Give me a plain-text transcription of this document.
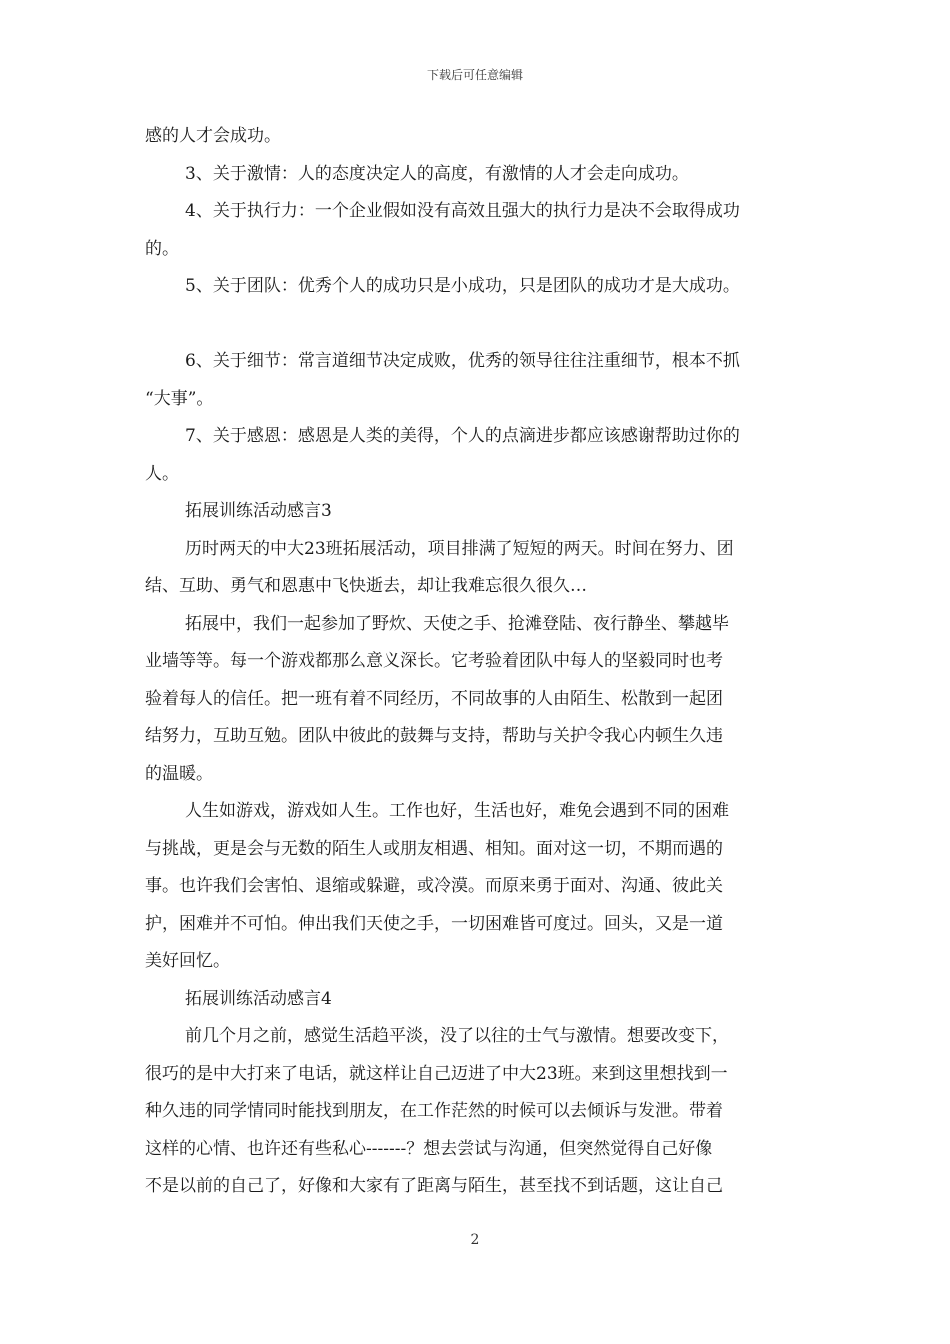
下载后可任意编辑
感的人才会成功。
3、关于激情：人的态度决定人的高度，有激情的人才会走向成功。
4、关于执行力：一个企业假如没有高效且强大的执行力是决不会取得成功
的。
5、关于团队：优秀个人的成功只是小成功，只是团队的成功才是大成功。
6、关于细节：常言道细节决定成败，优秀的领导往往注重细节，根本不抓
“大事”。
7、关于感恩：感恩是人类的美得，个人的点滴进步都应该感谢帮助过你的
人。
拓展训练活动感言3
历时两天的中大23班拓展活动，项目排满了短短的两天。时间在努力、团
结、互助、勇气和恩惠中飞快逝去，却让我难忘很久很久…
拓展中，我们一起参加了野炊、天使之手、抢滩登陆、夜行静坐、攀越毕
业墙等等。每一个游戏都那么意义深长。它考验着团队中每人的坚毅同时也考
验着每人的信任。把一班有着不同经历，不同故事的人由陌生、松散到一起团
结努力，互助互勉。团队中彼此的鼓舞与支持，帮助与关护令我心内顿生久违
的温暖。
人生如游戏，游戏如人生。工作也好，生活也好，难免会遇到不同的困难
与挑战，更是会与无数的陌生人或朋友相遇、相知。面对这一切，不期而遇的
事。也许我们会害怕、退缩或躲避，或冷漠。而原来勇于面对、沟通、彼此关
护，困难并不可怕。伸出我们天使之手，一切困难皆可度过。回头，又是一道
美好回忆。
拓展训练活动感言4
前几个月之前，感觉生活趋平淡，没了以往的士气与激情。想要改变下，
很巧的是中大打来了电话，就这样让自己迈进了中大23班。来到这里想找到一
种久违的同学情同时能找到朋友，在工作茫然的时候可以去倾诉与发泄。带着
这样的心情、也许还有些私心-------？想去尝试与沟通，但突然觉得自己好像
不是以前的自己了，好像和大家有了距离与陌生，甚至找不到话题，这让自己
2
